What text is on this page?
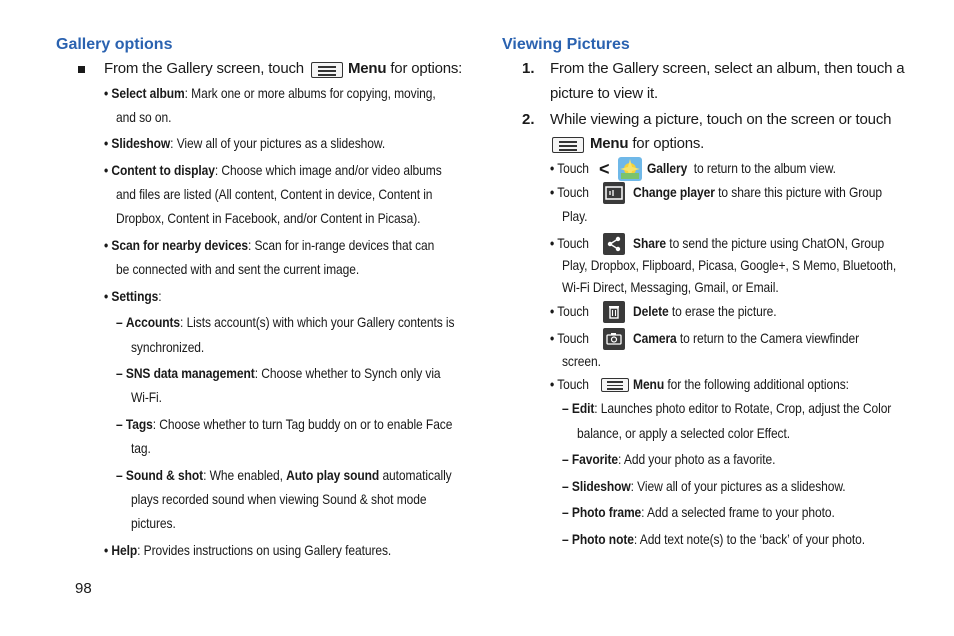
Gallery options
From the Gallery screen, touch	Menu for options:
• Select album: Mark one or more albums for copying, moving,
and so on.
• Slideshow: View all of your pictures as a slideshow.
• Content to display: Choose which image and/or video albums
and files are listed (All content, Content in device, Content in
Dropbox, Content in Facebook, and/or Content in Picasa).
• Scan for nearby devices: Scan for in-range devices that can
be connected with and sent the current image.
• Settings:
– Accounts: Lists account(s) with which your Gallery contents is
synchronized.
– SNS data management: Choose whether to Synch only via
Wi-Fi.
– Tags: Choose whether to turn Tag buddy on or to enable Face
tag.
– Sound & shot: Whe enabled, Auto play sound automatically
plays recorded sound when viewing Sound & shot mode
pictures.
• Help: Provides instructions on using Gallery features.
98
Viewing Pictures
1. From the Gallery screen, select an album, then touch a
picture to view it.
2. While viewing a picture, touch on the screen or touch
Menu for options.
• Touch <	Gallery to return to the album view.
• Touch	Change player to share this picture with Group
Play.
• Touch	Share to send the picture using ChatON, Group
Play, Dropbox, Flipboard, Picasa, Google+, S Memo, Bluetooth,
Wi-Fi Direct, Messaging, Gmail, or Email.
• Touch	Delete to erase the picture.
• Touch	Camera to return to the Camera viewfinder
screen.
• Touch	Menu for the following additional options:
– Edit: Launches photo editor to Rotate, Crop, adjust the Color
balance, or apply a selected color Effect.
– Favorite: Add your photo as a favorite.
– Slideshow: View all of your pictures as a slideshow.
– Photo frame: Add a selected frame to your photo.
– Photo note: Add text note(s) to the ‘back’ of your photo.
